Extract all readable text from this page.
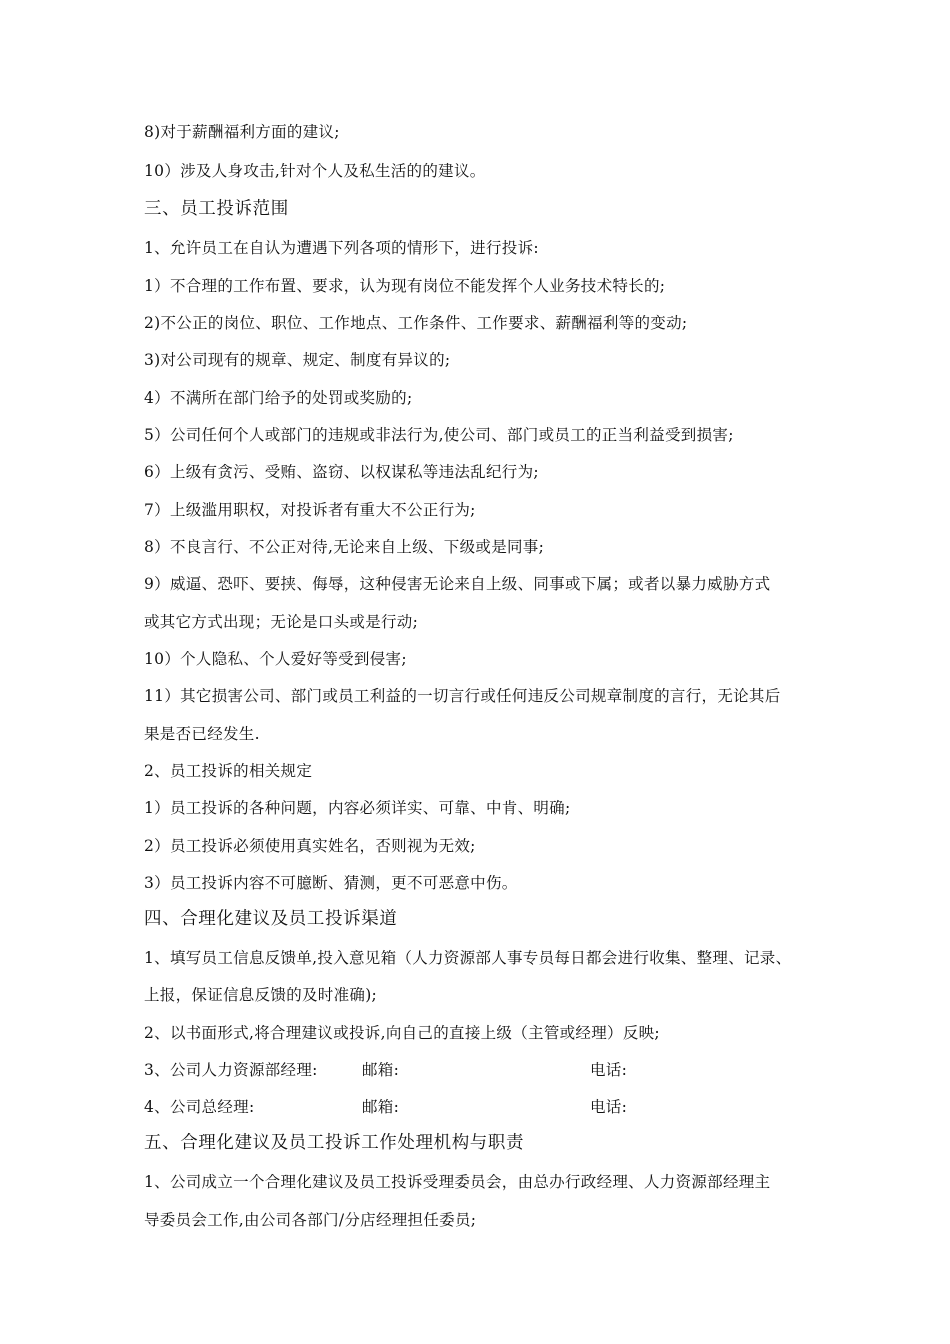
8)对于薪酬福利方面的建议;
10）涉及人身攻击,针对个人及私生活的的建议。
三、员工投诉范围
1、允许员工在自认为遭遇下列各项的情形下，进行投诉:
1）不合理的工作布置、要求，认为现有岗位不能发挥个人业务技术特长的;
2)不公正的岗位、职位、工作地点、工作条件、工作要求、薪酬福利等的变动;
3)对公司现有的规章、规定、制度有异议的;
4）不满所在部门给予的处罚或奖励的;
5）公司任何个人或部门的违规或非法行为,使公司、部门或员工的正当利益受到损害;
6）上级有贪污、受贿、盗窃、以权谋私等违法乱纪行为;
7）上级滥用职权，对投诉者有重大不公正行为;
8）不良言行、不公正对待,无论来自上级、下级或是同事;
9）威逼、恐吓、要挟、侮辱，这种侵害无论来自上级、同事或下属；或者以暴力威胁方式
或其它方式出现；无论是口头或是行动;
10）个人隐私、个人爱好等受到侵害;
11）其它损害公司、部门或员工利益的一切言行或任何违反公司规章制度的言行，无论其后
果是否已经发生.
2、员工投诉的相关规定
1）员工投诉的各种问题，内容必须详实、可靠、中肯、明确;
2）员工投诉必须使用真实姓名，否则视为无效;
3）员工投诉内容不可臆断、猜测，更不可恶意中伤。
四、合理化建议及员工投诉渠道
1、填写员工信息反馈单,投入意见箱（人力资源部人事专员每日都会进行收集、整理、记录、
上报，保证信息反馈的及时准确);
2、以书面形式,将合理建议或投诉,向自己的直接上级（主管或经理）反映;
3、公司人力资源部经理:	邮箱:	电话:
4、公司总经理:	邮箱:	电话:
五、合理化建议及员工投诉工作处理机构与职责
1、公司成立一个合理化建议及员工投诉受理委员会，由总办行政经理、人力资源部经理主
导委员会工作,由公司各部门/分店经理担任委员;
